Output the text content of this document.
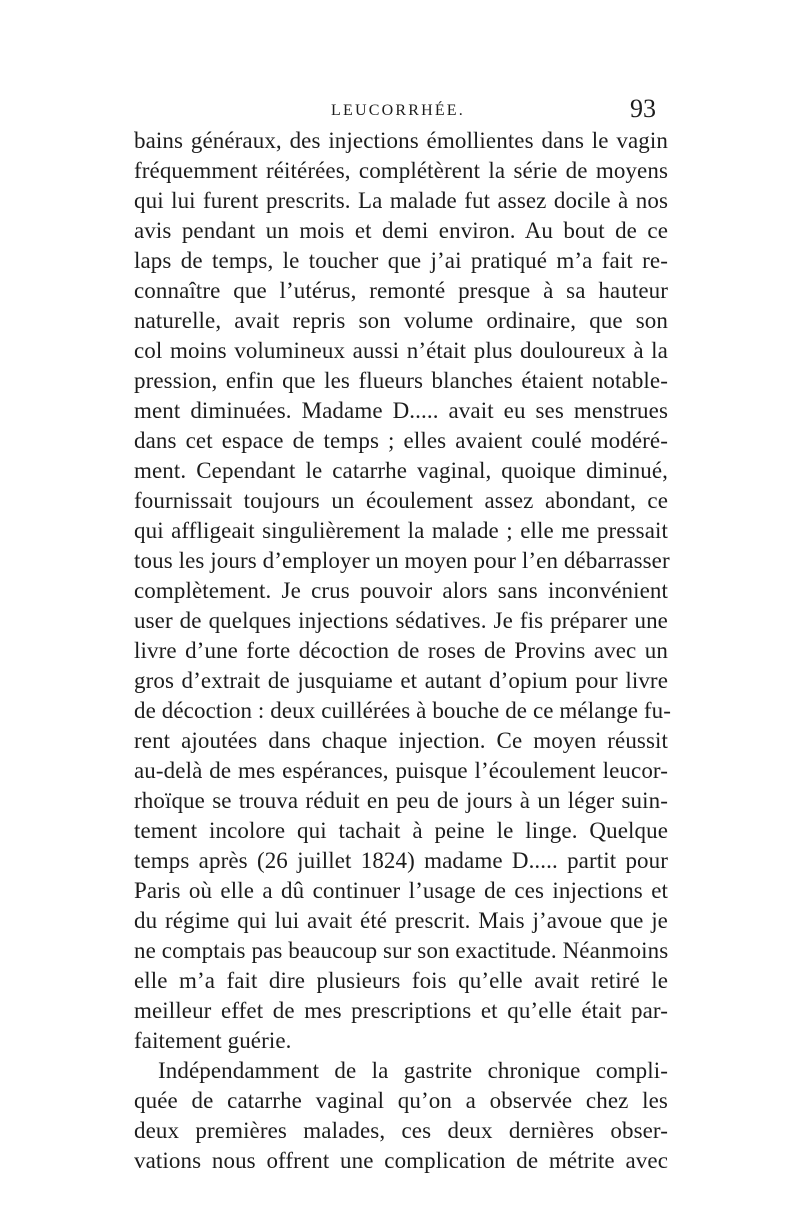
LEUCORRHÉE.	93
bains généraux, des injections émollientes dans le vagin
fréquemment réitérées, complétèrent la série de moyens
qui lui furent prescrits. La malade fut assez docile à nos
avis pendant un mois et demi environ. Au bout de ce
laps de temps, le toucher que j’ai pratiqué m’a fait re-
connaître que l’utérus, remonté presque à sa hauteur
naturelle, avait repris son volume ordinaire, que son
col moins volumineux aussi n’était plus douloureux à la
pression, enfin que les flueurs blanches étaient notable-
ment diminuées. Madame D..... avait eu ses menstrues
dans cet espace de temps ; elles avaient coulé modéré-
ment. Cependant le catarrhe vaginal, quoique diminué,
fournissait toujours un écoulement assez abondant, ce
qui affligeait singulièrement la malade ; elle me pressait
tous les jours d’employer un moyen pour l’en débarrasser
complètement. Je crus pouvoir alors sans inconvénient
user de quelques injections sédatives. Je fis préparer une
livre d’une forte décoction de roses de Provins avec un
gros d’extrait de jusquiame et autant d’opium pour livre
de décoction : deux cuillérées à bouche de ce mélange fu-
rent ajoutées dans chaque injection. Ce moyen réussit
au-delà de mes espérances, puisque l’écoulement leucor-
rhoïque se trouva réduit en peu de jours à un léger suin-
tement incolore qui tachait à peine le linge. Quelque
temps après (26 juillet 1824) madame D..... partit pour
Paris où elle a dû continuer l’usage de ces injections et
du régime qui lui avait été prescrit. Mais j’avoue que je
ne comptais pas beaucoup sur son exactitude. Néanmoins
elle m’a fait dire plusieurs fois qu’elle avait retiré le
meilleur effet de mes prescriptions et qu’elle était par-
faitement guérie.
Indépendamment de la gastrite chronique compli-
quée de catarrhe vaginal qu’on a observée chez les
deux premières malades, ces deux dernières obser-
vations nous offrent une complication de métrite avec
